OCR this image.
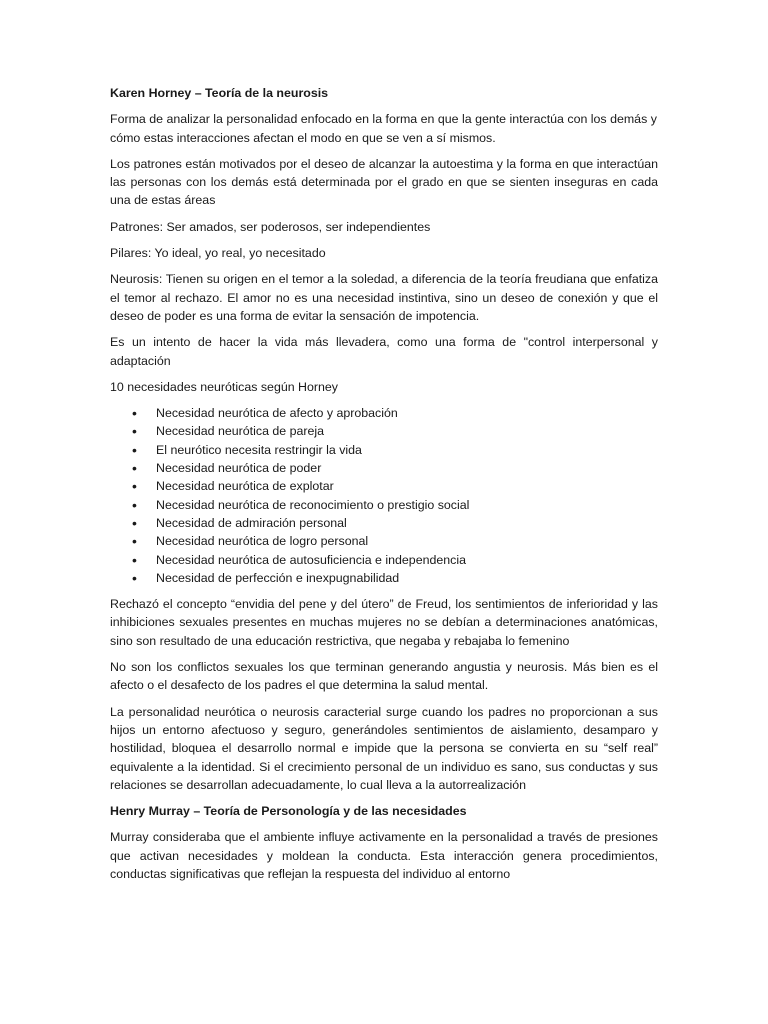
Karen Horney – Teoría de la neurosis

Forma de analizar la personalidad enfocado en la forma en que la gente interactúa con los demás y cómo estas interacciones afectan el modo en que se ven a sí mismos.

Los patrones están motivados por el deseo de alcanzar la autoestima y la forma en que interactúan las personas con los demás está determinada por el grado en que se sienten inseguras en cada una de estas áreas

Patrones: Ser amados, ser poderosos, ser independientes

Pilares: Yo ideal, yo real, yo necesitado

Neurosis: Tienen su origen en el temor a la soledad, a diferencia de la teoría freudiana que enfatiza el temor al rechazo. El amor no es una necesidad instintiva, sino un deseo de conexión y que el deseo de poder es una forma de evitar la sensación de impotencia.

Es un intento de hacer la vida más llevadera, como una forma de "control interpersonal y adaptación

10 necesidades neuróticas según Horney

• Necesidad neurótica de afecto y aprobación
• Necesidad neurótica de pareja
• El neurótico necesita restringir la vida
• Necesidad neurótica de poder
• Necesidad neurótica de explotar
• Necesidad neurótica de reconocimiento o prestigio social
• Necesidad de admiración personal
• Necesidad neurótica de logro personal
• Necesidad neurótica de autosuficiencia e independencia
• Necesidad de perfección e inexpugnabilidad

Rechazó el concepto “envidia del pene y del útero” de Freud, los sentimientos de inferioridad y las inhibiciones sexuales presentes en muchas mujeres no se debían a determinaciones anatómicas, sino son resultado de una educación restrictiva, que negaba y rebajaba lo femenino

No son los conflictos sexuales los que terminan generando angustia y neurosis. Más bien es el afecto o el desafecto de los padres el que determina la salud mental.

La personalidad neurótica o neurosis caracterial surge cuando los padres no proporcionan a sus hijos un entorno afectuoso y seguro, generándoles sentimientos de aislamiento, desamparo y hostilidad, bloquea el desarrollo normal e impide que la persona se convierta en su “self real” equivalente a la identidad. Si el crecimiento personal de un individuo es sano, sus conductas y sus relaciones se desarrollan adecuadamente, lo cual lleva a la autorrealización

Henry Murray – Teoría de Personología y de las necesidades

Murray consideraba que el ambiente influye activamente en la personalidad a través de presiones que activan necesidades y moldean la conducta. Esta interacción genera procedimientos, conductas significativas que reflejan la respuesta del individuo al entorno
